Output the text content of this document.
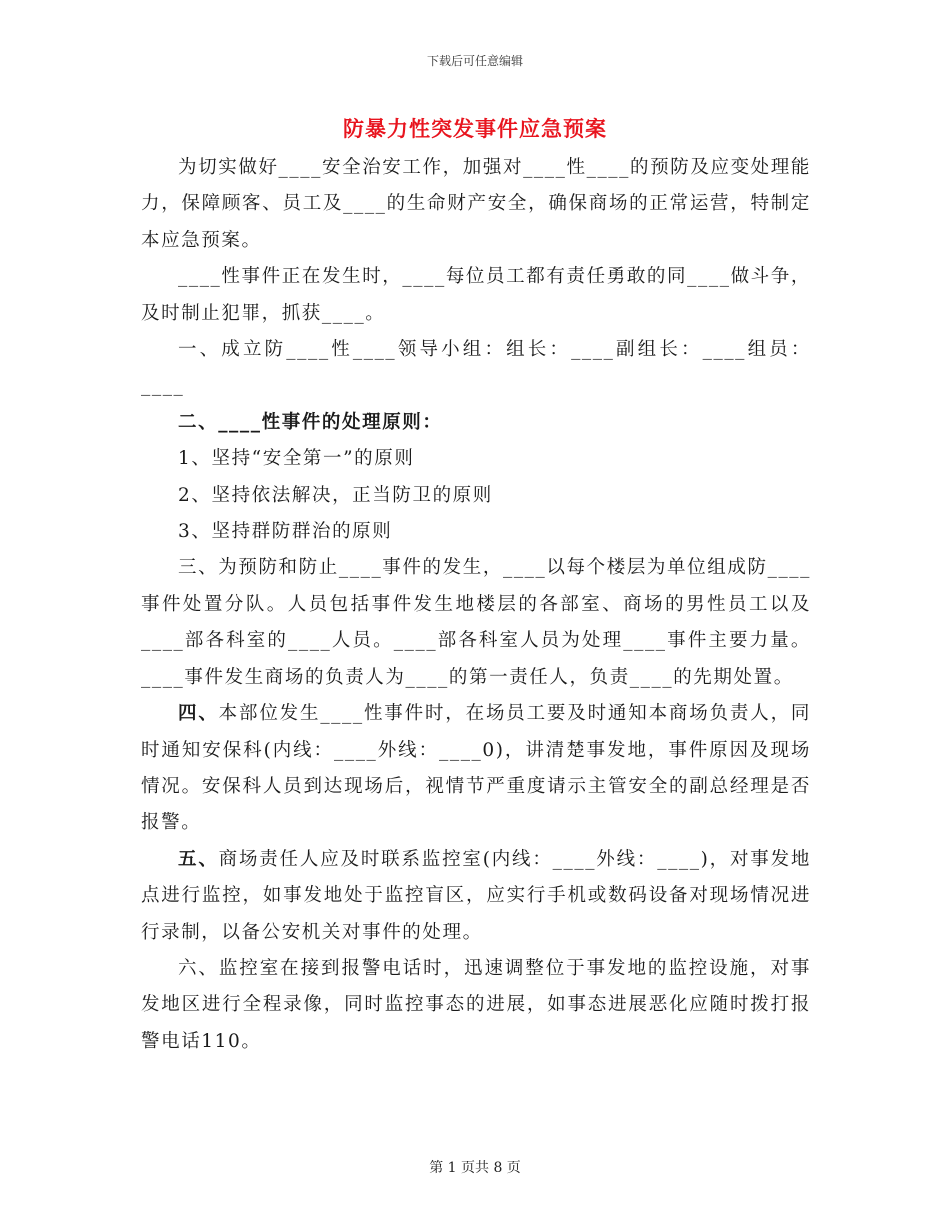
下载后可任意编辑
防暴力性突发事件应急预案

为切实做好____安全治安工作，加强对____性____的预防及应变处理能力，保障顾客、员工及____的生命财产安全，确保商场的正常运营，特制定本应急预案。

____性事件正在发生时，____每位员工都有责任勇敢的同____做斗争，及时制止犯罪，抓获____。

一、成立防____性____领导小组：组长：____副组长：____组员：____

二、____性事件的处理原则：

1、坚持“安全第一”的原则

2、坚持依法解决，正当防卫的原则

3、坚持群防群治的原则

三、为预防和防止____事件的发生，____以每个楼层为单位组成防____事件处置分队。人员包括事件发生地楼层的各部室、商场的男性员工以及____部各科室的____人员。____部各科室人员为处理____事件主要力量。____事件发生商场的负责人为____的第一责任人，负责____的先期处置。

四、本部位发生____性事件时，在场员工要及时通知本商场负责人，同时通知安保科(内线：____外线：____0)，讲清楚事发地，事件原因及现场情况。安保科人员到达现场后，视情节严重度请示主管安全的副总经理是否报警。

五、商场责任人应及时联系监控室(内线：____外线：____)，对事发地点进行监控，如事发地处于监控盲区，应实行手机或数码设备对现场情况进行录制，以备公安机关对事件的处理。

六、监控室在接到报警电话时，迅速调整位于事发地的监控设施，对事发地区进行全程录像，同时监控事态的进展，如事态进展恶化应随时拨打报警电话110。

第 1 页共 8 页
